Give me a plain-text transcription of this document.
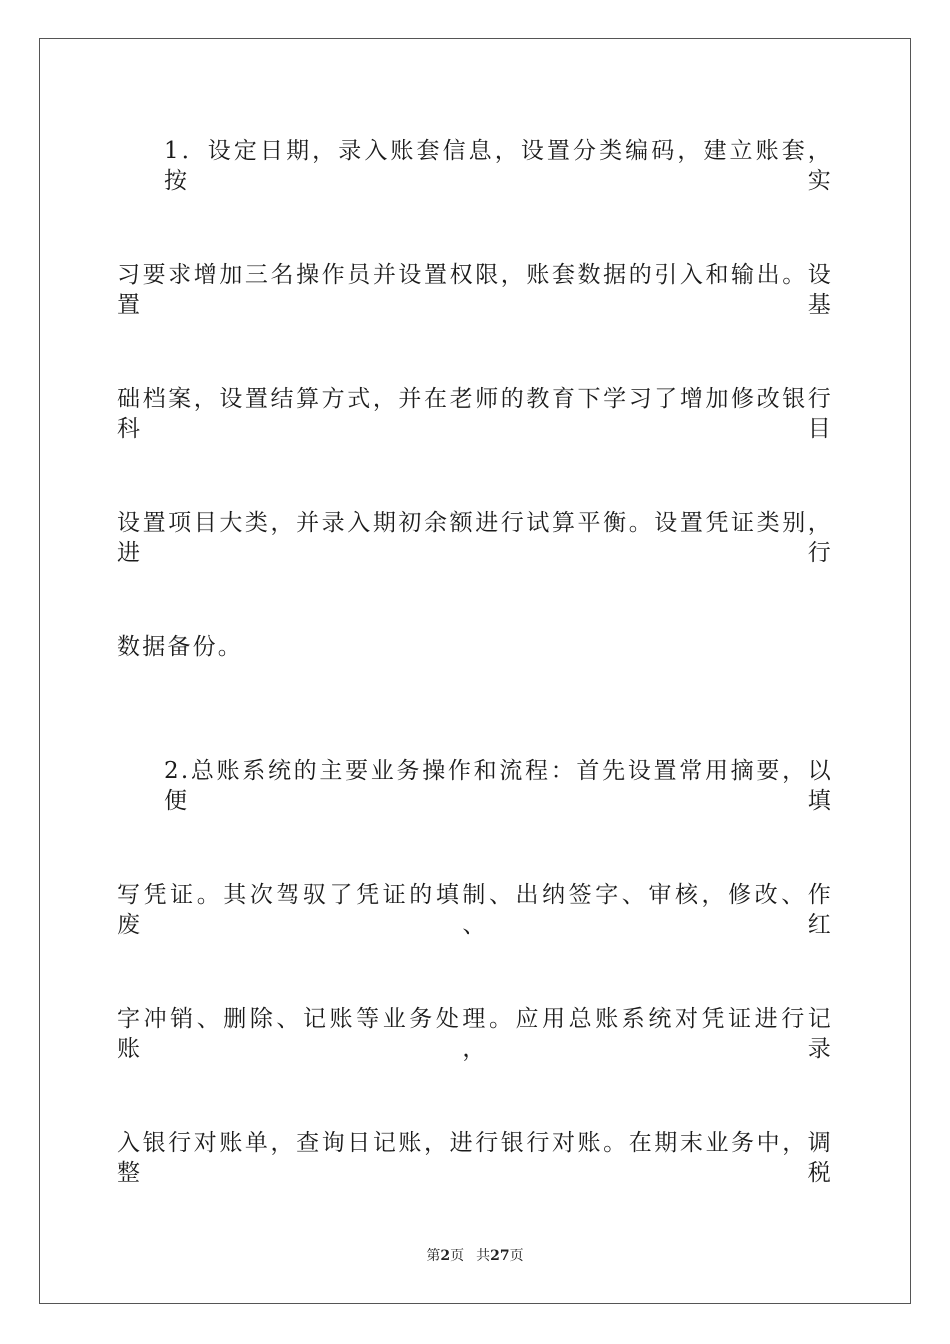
1．设定日期，录入账套信息，设置分类编码，建立账套，按实
习要求增加三名操作员并设置权限，账套数据的引入和输出。设置基
础档案，设置结算方式，并在老师的教育下学习了增加修改银行科目
设置项目大类，并录入期初余额进行试算平衡。设置凭证类别，进行
数据备份。
2.总账系统的主要业务操作和流程：首先设置常用摘要，以便填
写凭证。其次驾驭了凭证的填制、出纳签字、审核，修改、作废、红
字冲销、删除、记账等业务处理。应用总账系统对凭证进行记账，录
入银行对账单，查询日记账，进行银行对账。在期末业务中，调整税
第2页 共27页
